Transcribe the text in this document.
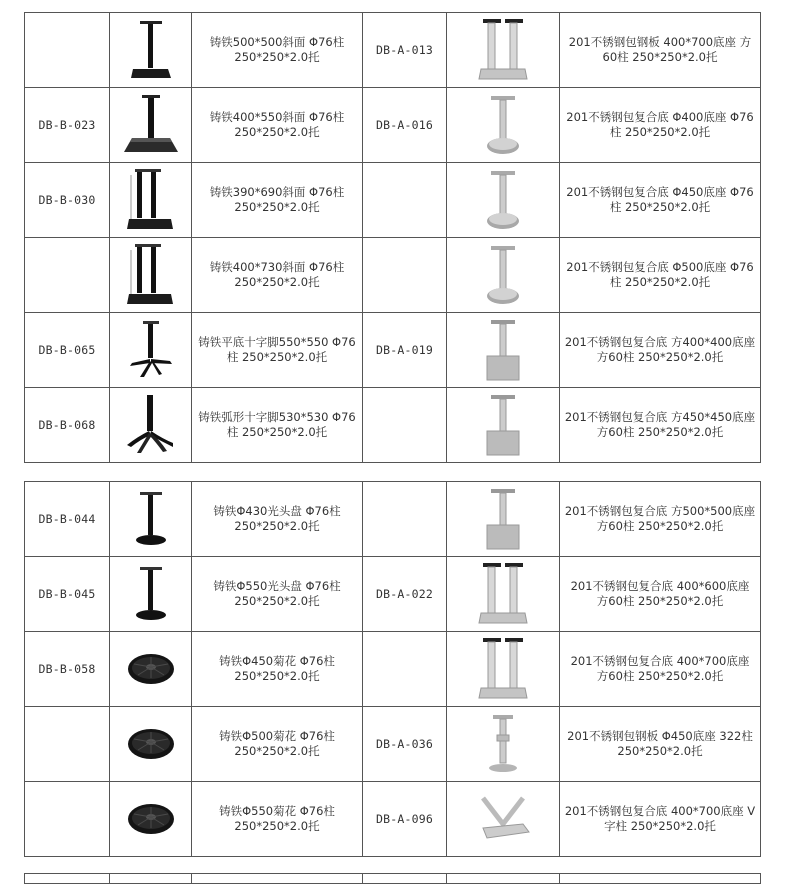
	铸铁500*500斜面 Φ76柱 250*250*2.0托	DB-A-013		201不锈钢包钢板 400*700底座 方60柱 250*250*2.0托
DB-B-023		铸铁400*550斜面 Φ76柱 250*250*2.0托	DB-A-016		201不锈钢包复合底 Φ400底座 Φ76柱 250*250*2.0托
DB-B-030		铸铁390*690斜面 Φ76柱 250*250*2.0托			201不锈钢包复合底 Φ450底座 Φ76柱 250*250*2.0托

	铸铁400*730斜面 Φ76柱 250*250*2.0托			201不锈钢包复合底 Φ500底座 Φ76柱 250*250*2.0托
DB-B-065		铸铁平底十字脚550*550 Φ76柱 250*250*2.0托	DB-A-019		201不锈钢包复合底 方400*400底座 方60柱 250*250*2.0托
DB-B-068		铸铁弧形十字脚530*530 Φ76柱 250*250*2.0托			201不锈钢包复合底 方450*450底座 方60柱 250*250*2.0托
DB-B-044		铸铁Φ430光头盘 Φ76柱 250*250*2.0托			201不锈钢包复合底 方500*500底座 方60柱 250*250*2.0托
DB-B-045		铸铁Φ550光头盘 Φ76柱 250*250*2.0托	DB-A-022		201不锈钢包复合底 400*600底座 方60柱 250*250*2.0托
DB-B-058		铸铁Φ450菊花 Φ76柱 250*250*2.0托			201不锈钢包复合底 400*700底座 方60柱 250*250*2.0托

	铸铁Φ500菊花 Φ76柱 250*250*2.0托	DB-A-036		201不锈钢包钢板 Φ450底座 322柱 250*250*2.0托

	铸铁Φ550菊花 Φ76柱 250*250*2.0托	DB-A-096		201不锈钢包复合底 400*700底座 V字柱 250*250*2.0托
